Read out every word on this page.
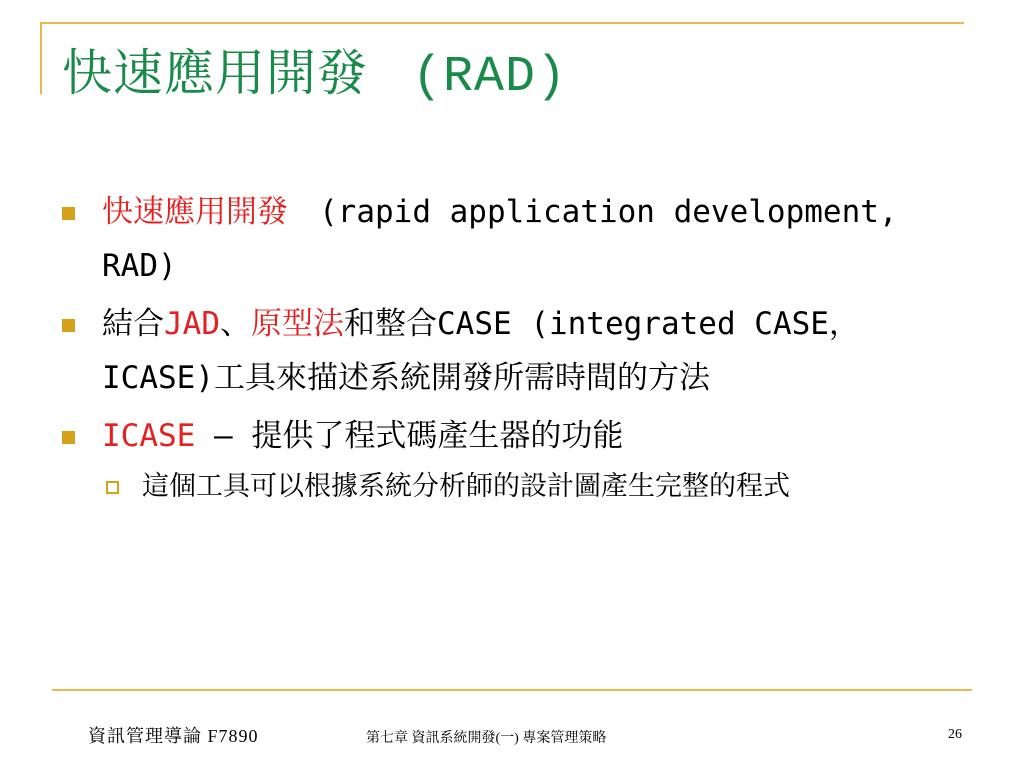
快速應用開發 (RAD)
快速應用開發　(rapid application development, RAD)
結合JAD、原型法和整合CASE (integrated CASE，ICASE)工具來描述系統開發所需時間的方法
ICASE – 提供了程式碼產生器的功能
這個工具可以根據系統分析師的設計圖產生完整的程式
資訊管理導論 F7890	第七章 資訊系統開發(一) 專案管理策略	26
